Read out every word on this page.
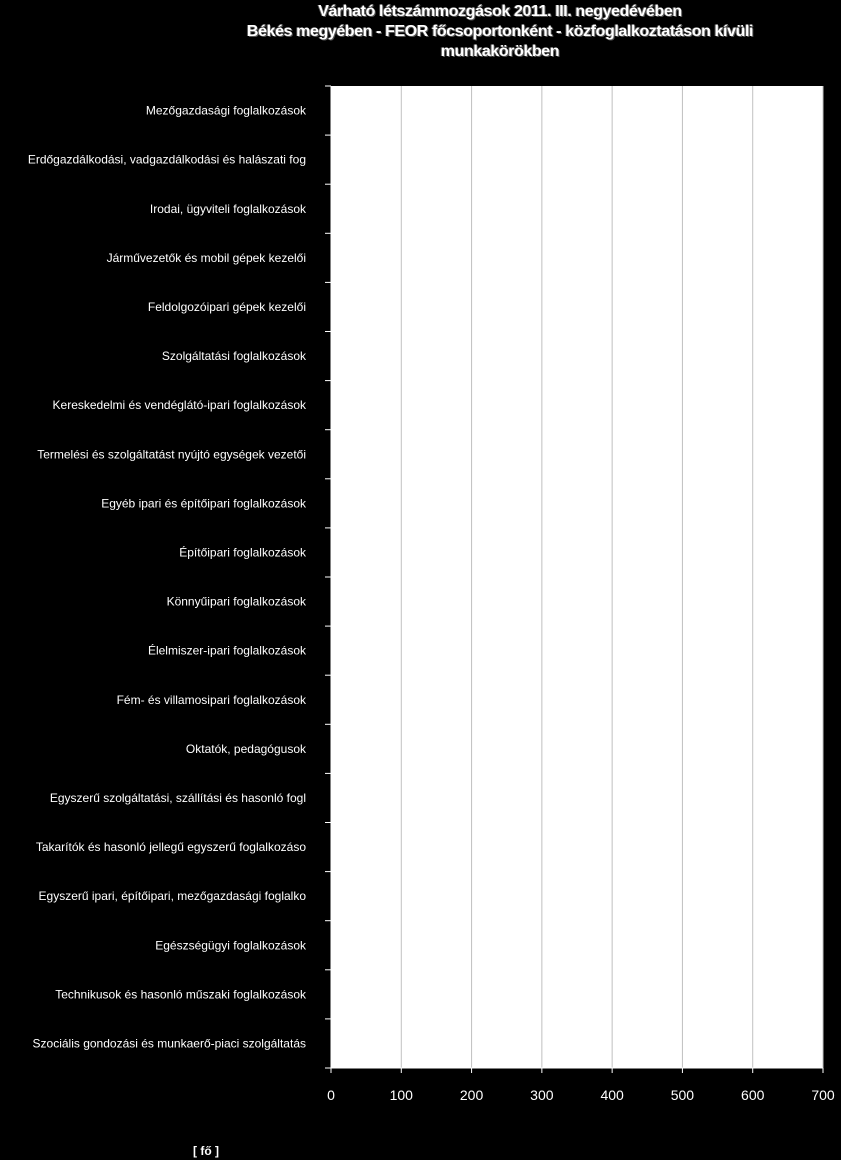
Várható létszámmozgások 2011. III. negyedévében
Békés megyében - FEOR főcsoportonként - közfoglalkoztatáson kívüli
munkakörökben
Mezőgazdasági foglalkozások
Erdőgazdálkodási, vadgazdálkodási és halászati fog
Irodai, ügyviteli foglalkozások
Járművezetők és mobil gépek kezelői
Feldolgozóipari gépek kezelői
Szolgáltatási foglalkozások
Kereskedelmi és vendéglátó-ipari foglalkozások
Termelési és szolgáltatást nyújtó egységek vezetői
Egyéb ipari és építőipari foglalkozások
Építőipari foglalkozások
Könnyűipari foglalkozások
Élelmiszer-ipari foglalkozások
Fém- és villamosipari foglalkozások
Oktatók, pedagógusok
Egyszerű szolgáltatási, szállítási és hasonló fogl
Takarítók és hasonló jellegű egyszerű foglalkozáso
Egyszerű ipari, építőipari, mezőgazdasági foglalko
Egészségügyi foglalkozások
Technikusok és hasonló műszaki foglalkozások
Szociális gondozási és munkaerő-piaci szolgáltatás
0	100	200	300	400	500	600	700
[ fő ]
